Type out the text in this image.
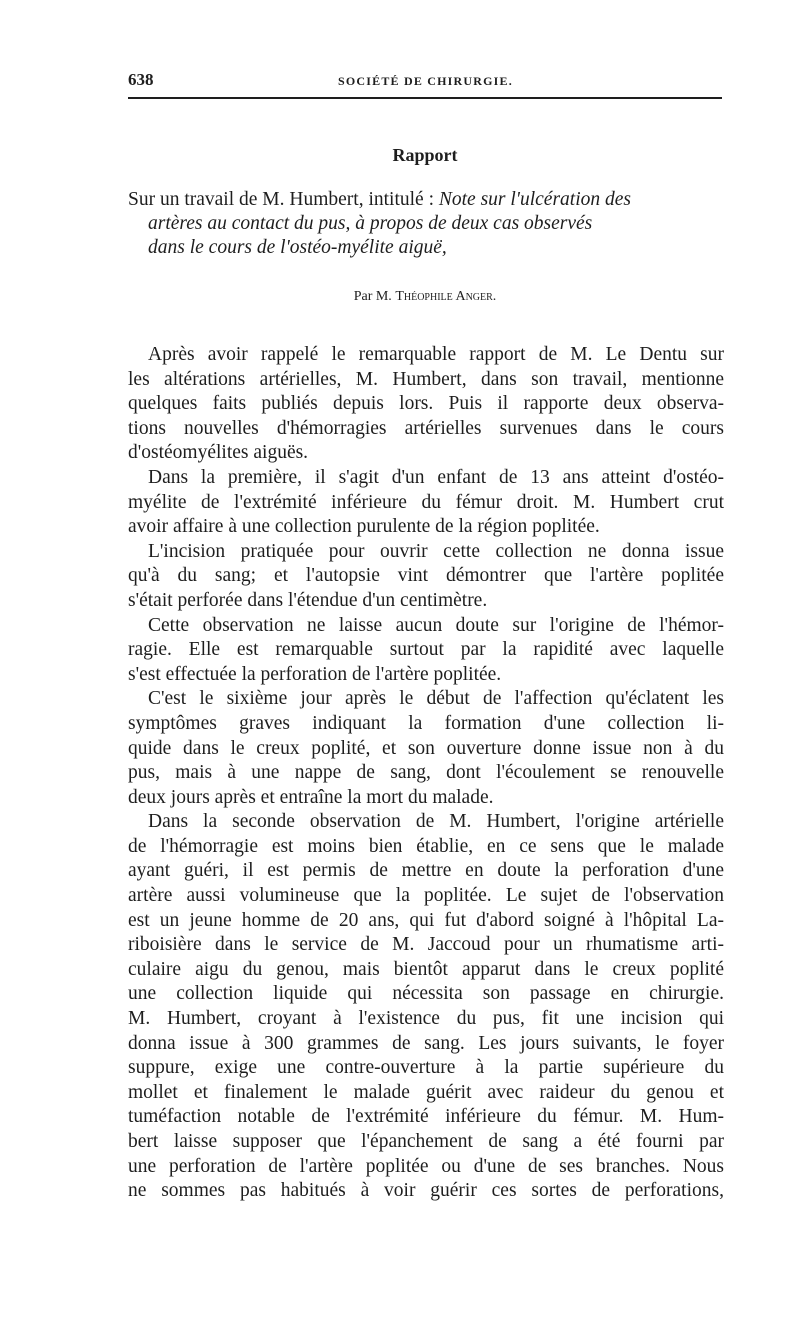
638	SOCIÉTÉ DE CHIRURGIE.
Rapport
Sur un travail de M. Humbert, intitulé : Note sur l'ulcération des
artères au contact du pus, à propos de deux cas observés
dans le cours de l'ostéo-myélite aiguë,
Par M. Théophile Anger.
Après avoir rappelé le remarquable rapport de M. Le Dentu sur
les altérations artérielles, M. Humbert, dans son travail, mentionne
quelques faits publiés depuis lors. Puis il rapporte deux observa-
tions nouvelles d'hémorragies artérielles survenues dans le cours
d'ostéomyélites aiguës.
Dans la première, il s'agit d'un enfant de 13 ans atteint d'ostéo-
myélite de l'extrémité inférieure du fémur droit. M. Humbert crut
avoir affaire à une collection purulente de la région poplitée.
L'incision pratiquée pour ouvrir cette collection ne donna issue
qu'à du sang; et l'autopsie vint démontrer que l'artère poplitée
s'était perforée dans l'étendue d'un centimètre.
Cette observation ne laisse aucun doute sur l'origine de l'hémor-
ragie. Elle est remarquable surtout par la rapidité avec laquelle
s'est effectuée la perforation de l'artère poplitée.
C'est le sixième jour après le début de l'affection qu'éclatent les
symptômes graves indiquant la formation d'une collection li-
quide dans le creux poplité, et son ouverture donne issue non à du
pus, mais à une nappe de sang, dont l'écoulement se renouvelle
deux jours après et entraîne la mort du malade.
Dans la seconde observation de M. Humbert, l'origine artérielle
de l'hémorragie est moins bien établie, en ce sens que le malade
ayant guéri, il est permis de mettre en doute la perforation d'une
artère aussi volumineuse que la poplitée. Le sujet de l'observation
est un jeune homme de 20 ans, qui fut d'abord soigné à l'hôpital La-
riboisière dans le service de M. Jaccoud pour un rhumatisme arti-
culaire aigu du genou, mais bientôt apparut dans le creux poplité
une collection liquide qui nécessita son passage en chirurgie.
M. Humbert, croyant à l'existence du pus, fit une incision qui
donna issue à 300 grammes de sang. Les jours suivants, le foyer
suppure, exige une contre-ouverture à la partie supérieure du
mollet et finalement le malade guérit avec raideur du genou et
tuméfaction notable de l'extrémité inférieure du fémur. M. Hum-
bert laisse supposer que l'épanchement de sang a été fourni par
une perforation de l'artère poplitée ou d'une de ses branches. Nous
ne sommes pas habitués à voir guérir ces sortes de perforations,
